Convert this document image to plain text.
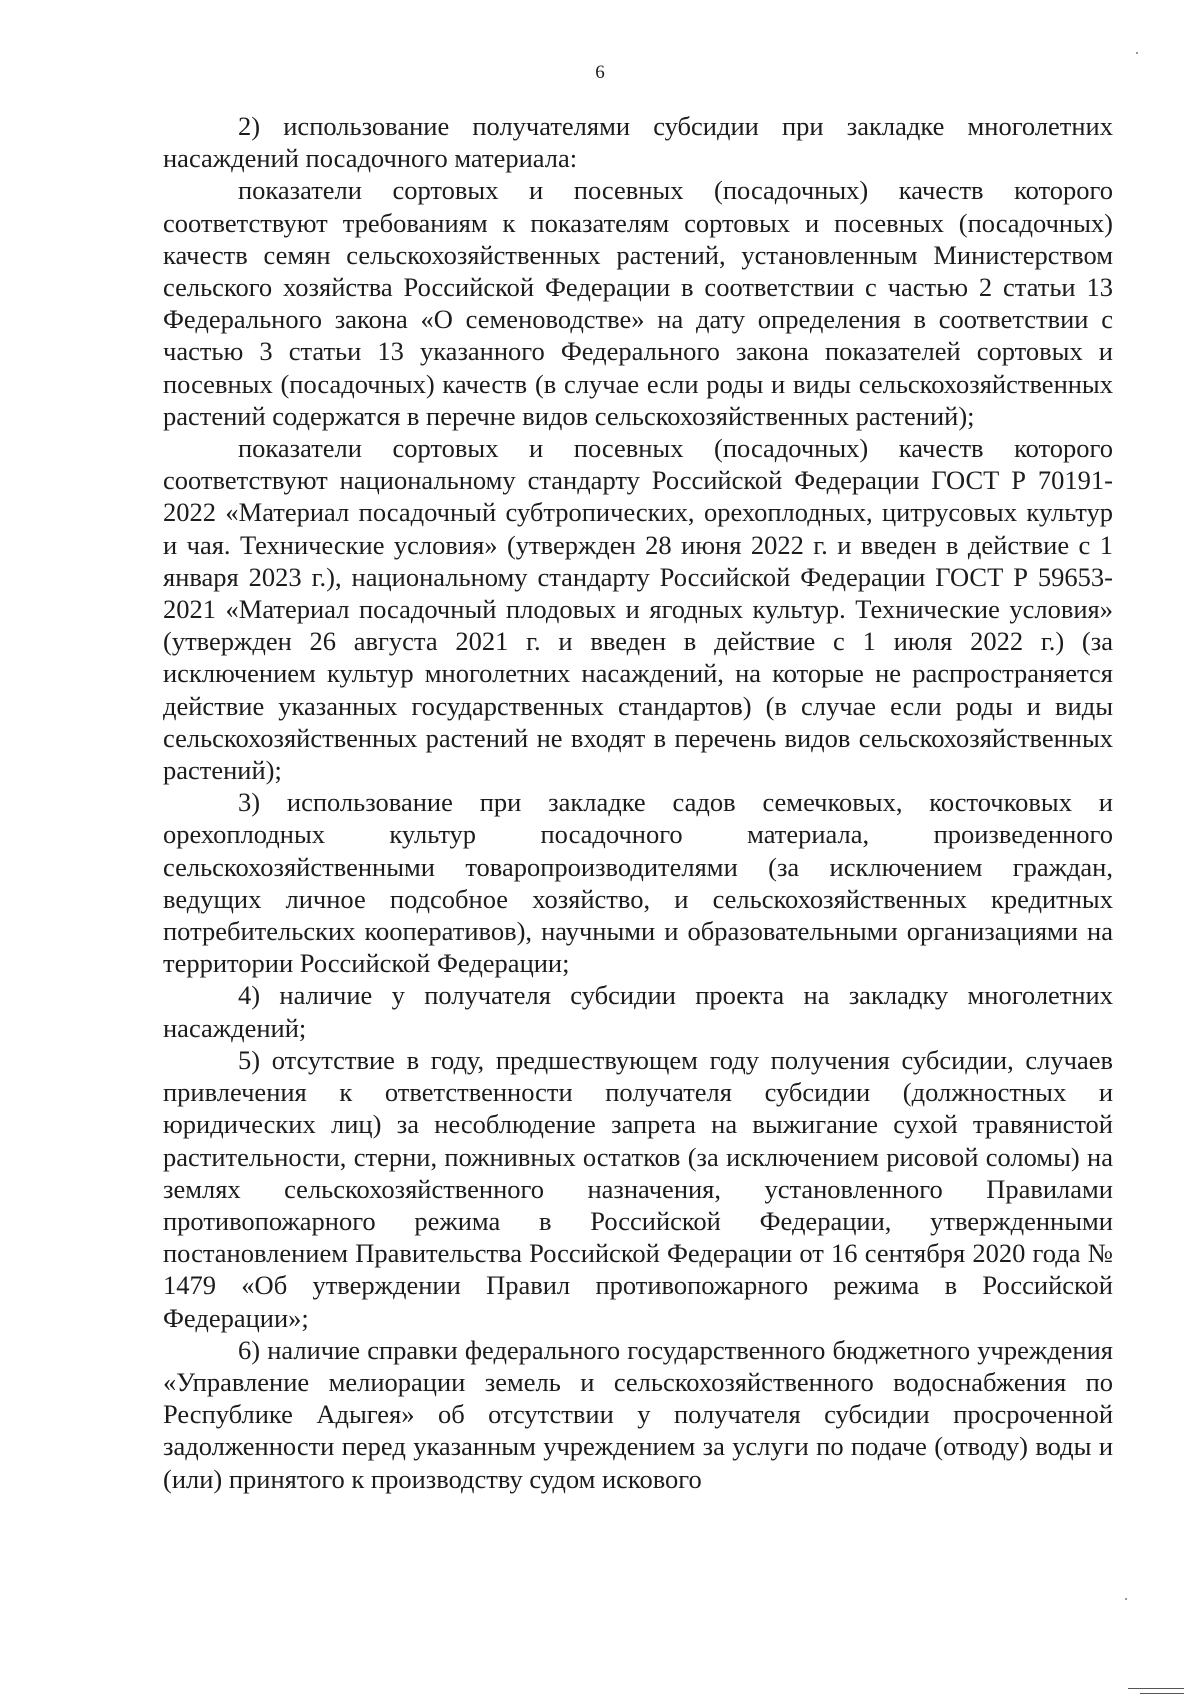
6

2) использование получателями субсидии при закладке многолетних насаждений посадочного материала:

показатели сортовых и посевных (посадочных) качеств которого соответствуют требованиям к показателям сортовых и посевных (посадочных) качеств семян сельскохозяйственных растений, установленным Министерством сельского хозяйства Российской Федерации в соответствии с частью 2 статьи 13 Федерального закона «О семеноводстве» на дату определения в соответствии с частью 3 статьи 13 указанного Федерального закона показателей сортовых и посевных (посадочных) качеств (в случае если роды и виды сельскохозяйственных растений содержатся в перечне видов сельскохозяйственных растений);

показатели сортовых и посевных (посадочных) качеств которого соответствуют национальному стандарту Российской Федерации ГОСТ Р 70191-2022 «Материал посадочный субтропических, орехоплодных, цитрусовых культур и чая. Технические условия» (утвержден 28 июня 2022 г. и введен в действие с 1 января 2023 г.), национальному стандарту Российской Федерации ГОСТ Р 59653-2021 «Материал посадочный плодовых и ягодных культур. Технические условия» (утвержден 26 августа 2021 г. и введен в действие с 1 июля 2022 г.) (за исключением культур многолетних насаждений, на которые не распространяется действие указанных государственных стандартов) (в случае если роды и виды сельскохозяйственных растений не входят в перечень видов сельскохозяйственных растений);

3) использование при закладке садов семечковых, косточковых и орехоплодных культур посадочного материала, произведенного сельскохозяйственными товаропроизводителями (за исключением граждан, ведущих личное подсобное хозяйство, и сельскохозяйственных кредитных потребительских кооперативов), научными и образовательными организациями на территории Российской Федерации;

4) наличие у получателя субсидии проекта на закладку многолетних насаждений;

5) отсутствие в году, предшествующем году получения субсидии, случаев привлечения к ответственности получателя субсидии (должностных и юридических лиц) за несоблюдение запрета на выжигание сухой травянистой растительности, стерни, пожнивных остатков (за исключением рисовой соломы) на землях сельскохозяйственного назначения, установленного Правилами противопожарного режима в Российской Федерации, утвержденными постановлением Правительства Российской Федерации от 16 сентября 2020 года № 1479 «Об утверждении Правил противопожарного режима в Российской Федерации»;

6) наличие справки федерального государственного бюджетного учреждения «Управление мелиорации земель и сельскохозяйственного водоснабжения по Республике Адыгея» об отсутствии у получателя субсидии просроченной задолженности перед указанным учреждением за услуги по подаче (отводу) воды и (или) принятого к производству судом искового
